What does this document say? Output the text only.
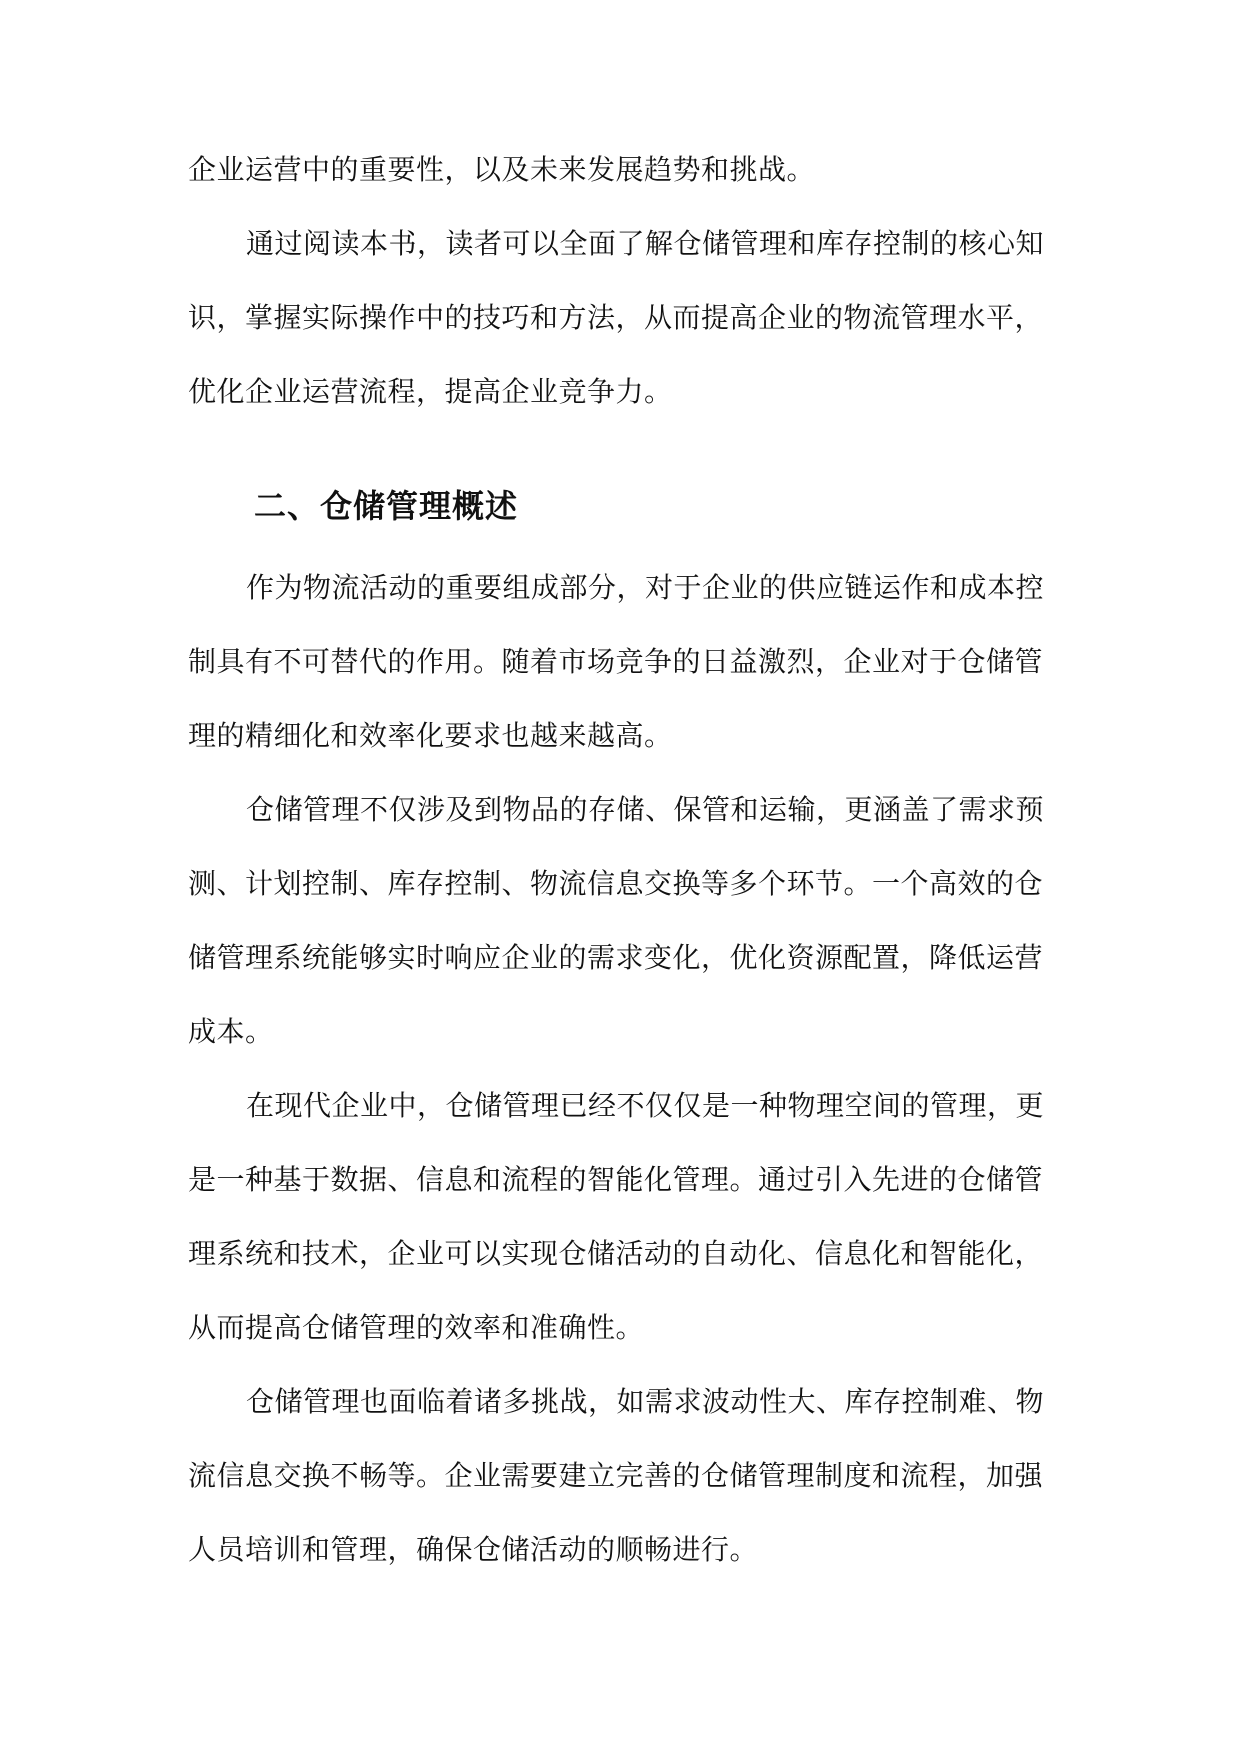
企业运营中的重要性，以及未来发展趋势和挑战。
通过阅读本书，读者可以全面了解仓储管理和库存控制的核心知
识，掌握实际操作中的技巧和方法，从而提高企业的物流管理水平，
优化企业运营流程，提高企业竞争力。
二、仓储管理概述
作为物流活动的重要组成部分，对于企业的供应链运作和成本控
制具有不可替代的作用。随着市场竞争的日益激烈，企业对于仓储管
理的精细化和效率化要求也越来越高。
仓储管理不仅涉及到物品的存储、保管和运输，更涵盖了需求预
测、计划控制、库存控制、物流信息交换等多个环节。一个高效的仓
储管理系统能够实时响应企业的需求变化，优化资源配置，降低运营
成本。
在现代企业中，仓储管理已经不仅仅是一种物理空间的管理，更
是一种基于数据、信息和流程的智能化管理。通过引入先进的仓储管
理系统和技术，企业可以实现仓储活动的自动化、信息化和智能化，
从而提高仓储管理的效率和准确性。
仓储管理也面临着诸多挑战，如需求波动性大、库存控制难、物
流信息交换不畅等。企业需要建立完善的仓储管理制度和流程，加强
人员培训和管理，确保仓储活动的顺畅进行。
